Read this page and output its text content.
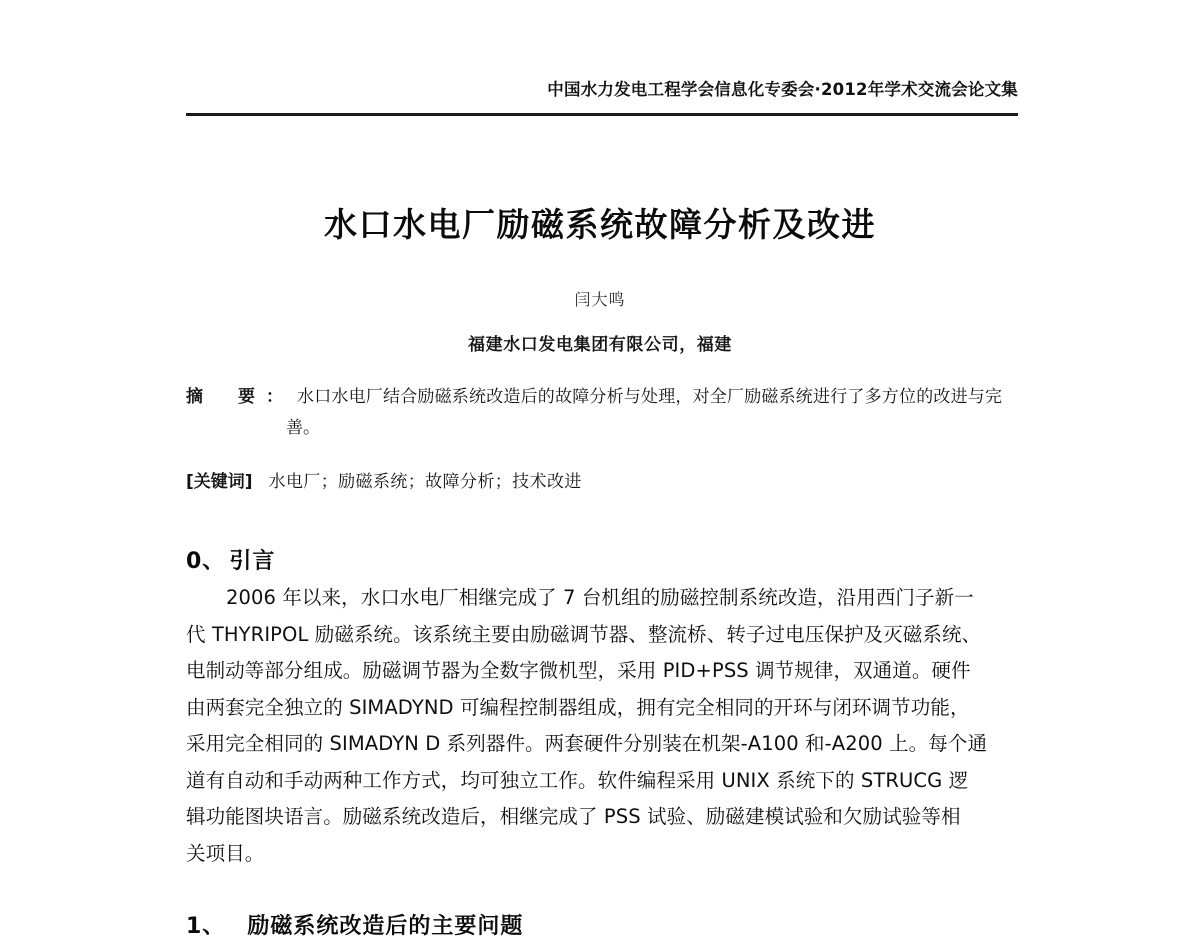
中国水力发电工程学会信息化专委会·2012年学术交流会论文集
水口水电厂励磁系统故障分析及改进
闫大鸣
福建水口发电集团有限公司，福建
摘　要 ： 水口水电厂结合励磁系统改造后的故障分析与处理，对全厂励磁系统进行了多方位的改进与完
善。
[关键词] 水电厂；励磁系统；故障分析；技术改进
0、 引言
2006 年以来，水口水电厂相继完成了 7 台机组的励磁控制系统改造，沿用西门子新一
代 THYRIPOL 励磁系统。该系统主要由励磁调节器、整流桥、转子过电压保护及灭磁系统、
电制动等部分组成。励磁调节器为全数字微机型，采用 PID+PSS 调节规律，双通道。硬件
由两套完全独立的 SIMADYND 可编程控制器组成，拥有完全相同的开环与闭环调节功能，
采用完全相同的 SIMADYN D 系列器件。两套硬件分别装在机架-A100 和-A200 上。每个通
道有自动和手动两种工作方式，均可独立工作。软件编程采用 UNIX 系统下的 STRUCG 逻
辑功能图块语言。励磁系统改造后，相继完成了 PSS 试验、励磁建模试验和欠励试验等相
关项目。
1、 励磁系统改造后的主要问题
